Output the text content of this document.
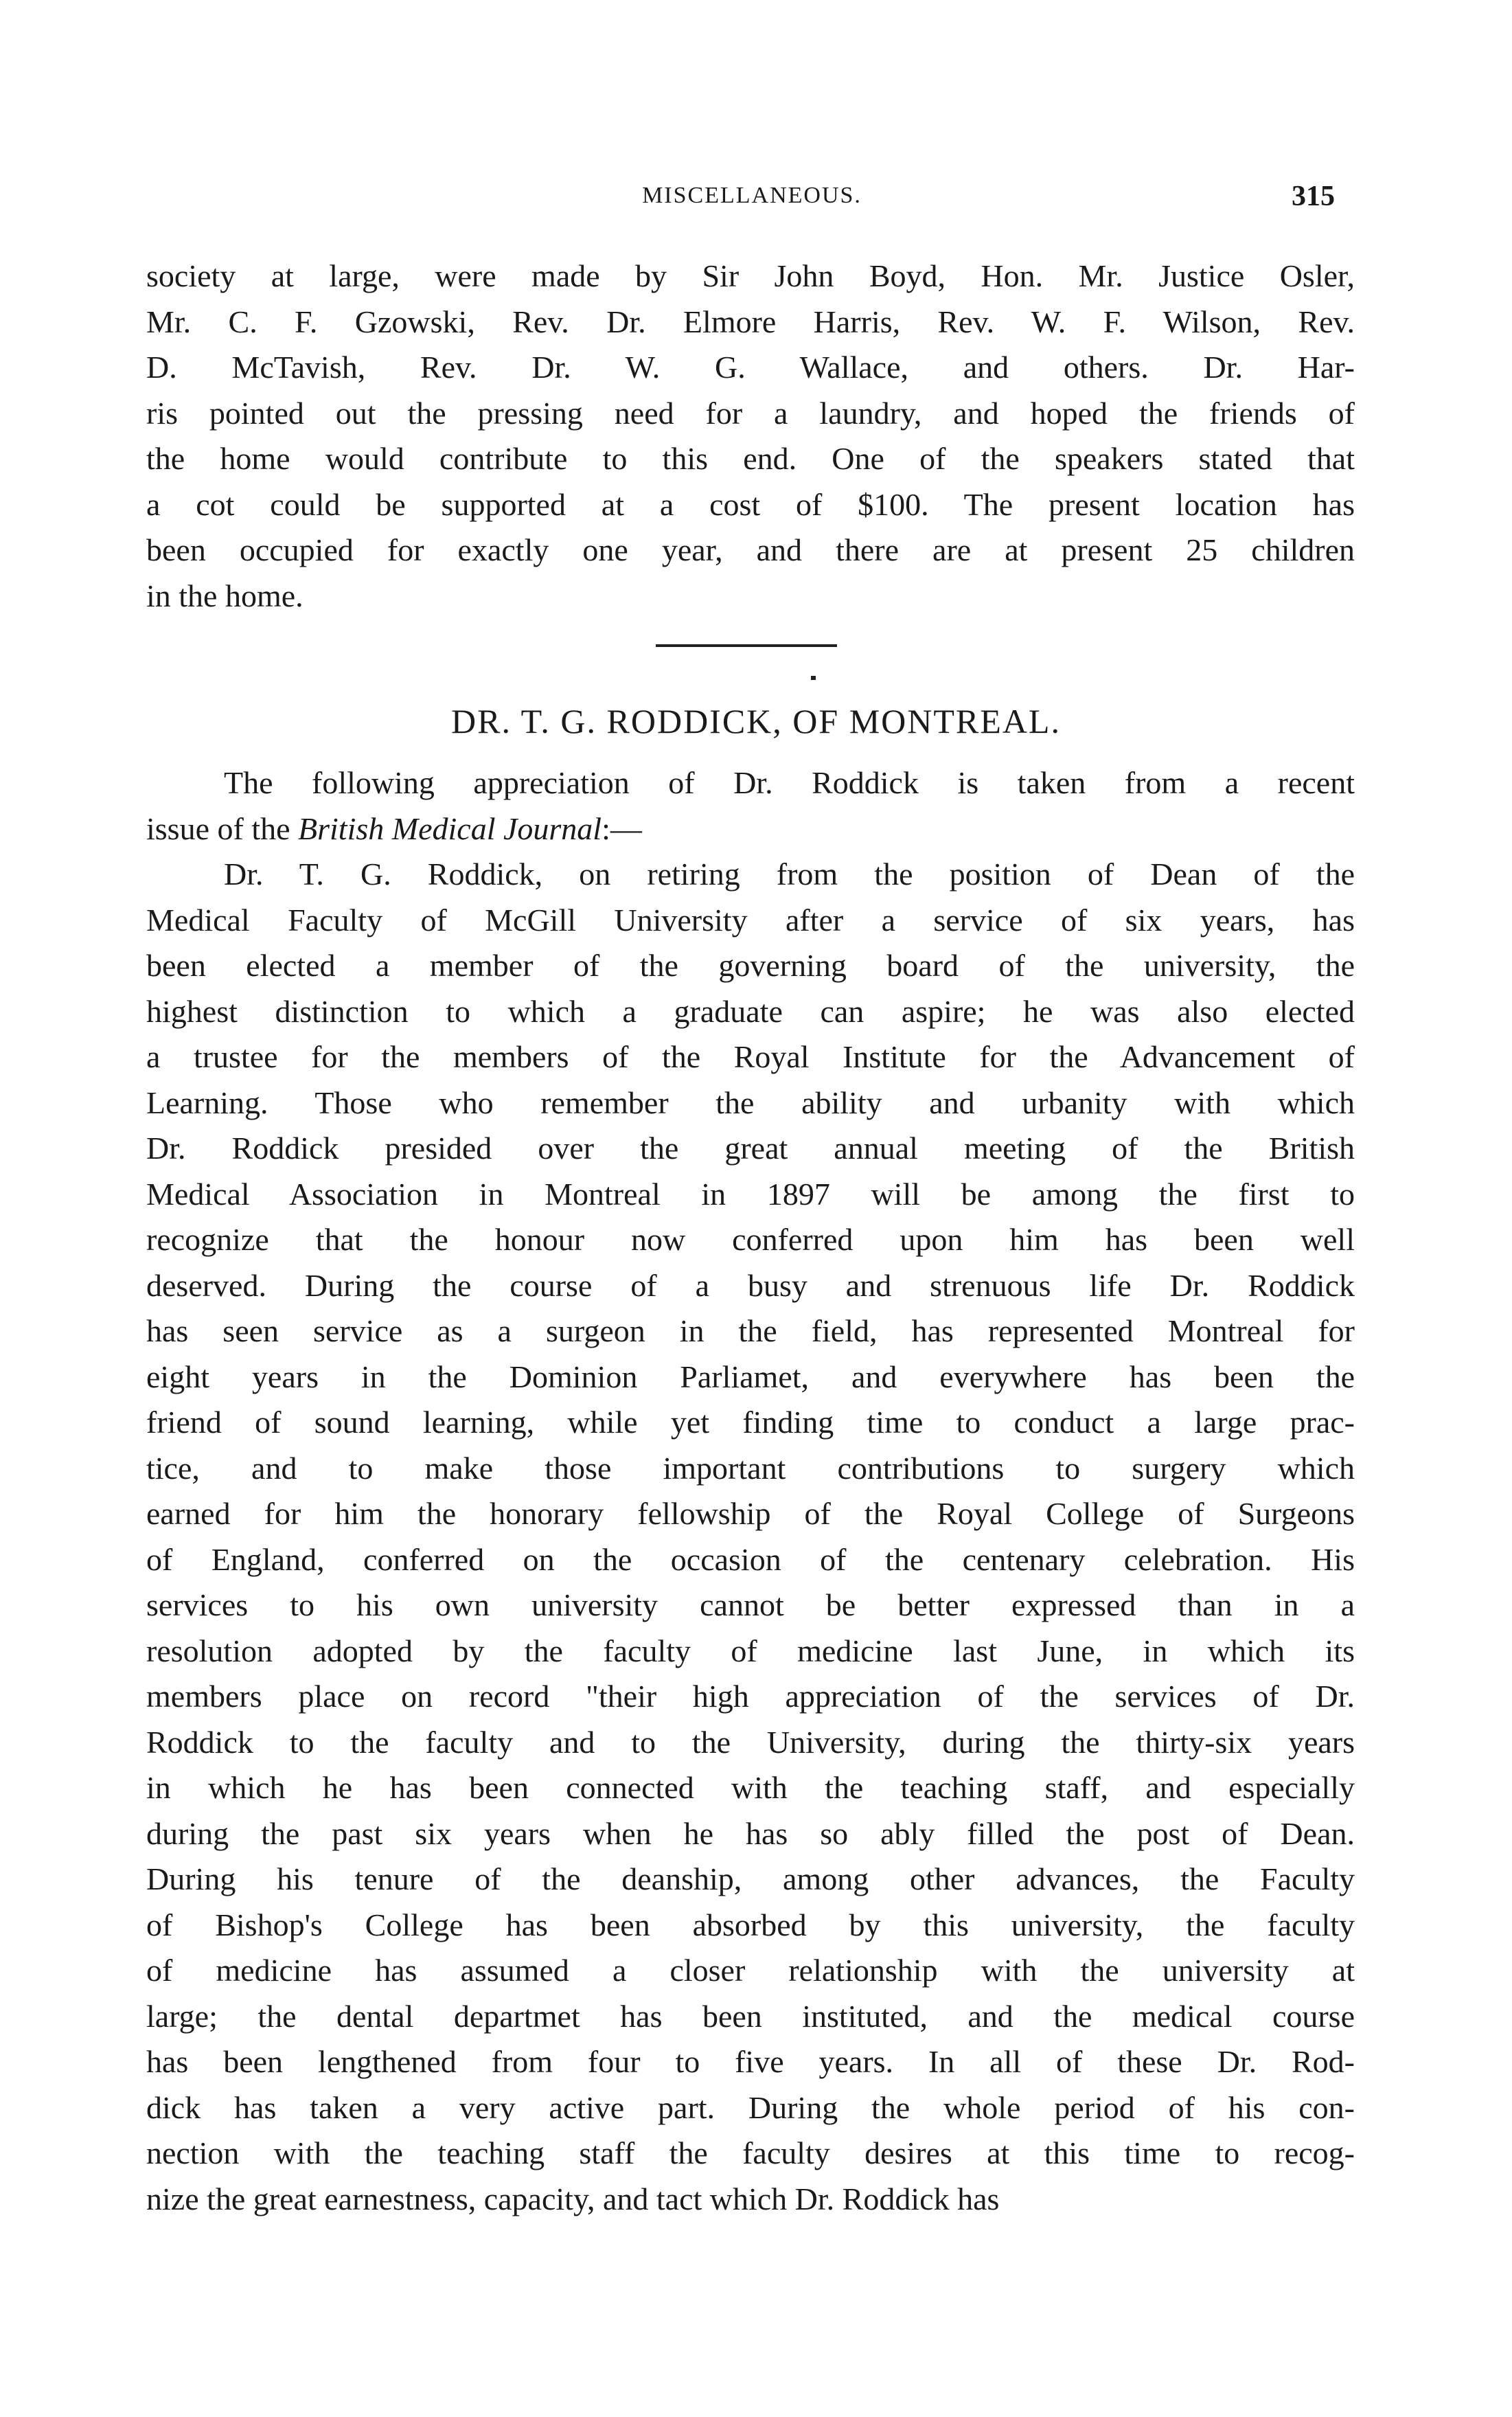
MISCELLANEOUS.	315
society at large, were made by Sir John Boyd, Hon. Mr. Justice Osler,
Mr. C. F. Gzowski, Rev. Dr. Elmore Harris, Rev. W. F. Wilson, Rev.
D. McTavish, Rev. Dr. W. G. Wallace, and others. Dr. Har-
ris pointed out the pressing need for a laundry, and hoped the friends of
the home would contribute to this end. One of the speakers stated that
a cot could be supported at a cost of $100. The present location has
been occupied for exactly one year, and there are at present 25 children
in the home.
DR. T. G. RODDICK, OF MONTREAL.
The following appreciation of Dr. Roddick is taken from a recent
issue of the British Medical Journal:—
Dr. T. G. Roddick, on retiring from the position of Dean of the
Medical Faculty of McGill University after a service of six years, has
been elected a member of the governing board of the university, the
highest distinction to which a graduate can aspire; he was also elected
a trustee for the members of the Royal Institute for the Advancement of
Learning. Those who remember the ability and urbanity with which
Dr. Roddick presided over the great annual meeting of the British
Medical Association in Montreal in 1897 will be among the first to
recognize that the honour now conferred upon him has been well
deserved. During the course of a busy and strenuous life Dr. Roddick
has seen service as a surgeon in the field, has represented Montreal for
eight years in the Dominion Parliamet, and everywhere has been the
friend of sound learning, while yet finding time to conduct a large prac-
tice, and to make those important contributions to surgery which
earned for him the honorary fellowship of the Royal College of Surgeons
of England, conferred on the occasion of the centenary celebration. His
services to his own university cannot be better expressed than in a
resolution adopted by the faculty of medicine last June, in which its
members place on record "their high appreciation of the services of Dr.
Roddick to the faculty and to the University, during the thirty-six years
in which he has been connected with the teaching staff, and especially
during the past six years when he has so ably filled the post of Dean.
During his tenure of the deanship, among other advances, the Faculty
of Bishop's College has been absorbed by this university, the faculty
of medicine has assumed a closer relationship with the university at
large; the dental departmet has been instituted, and the medical course
has been lengthened from four to five years. In all of these Dr. Rod-
dick has taken a very active part. During the whole period of his con-
nection with the teaching staff the faculty desires at this time to recog-
nize the great earnestness, capacity, and tact which Dr. Roddick has
